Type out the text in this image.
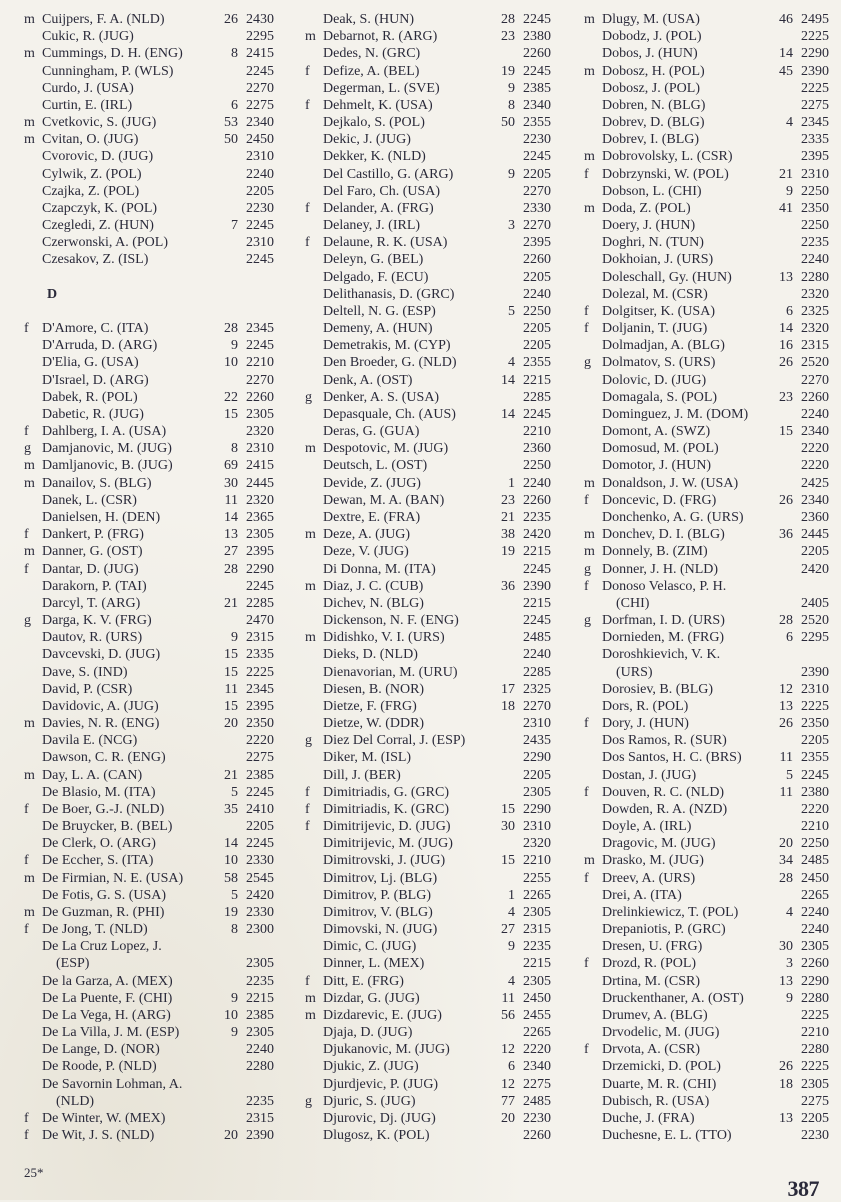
m Cuijpers, F. A. (NLD)	26 2430
Cukic, R. (JUG)	2295
m Cummings, D. H. (ENG)	8 2415
Cunningham, P. (WLS)	2245
Curdo, J. (USA)	2270
Curtin, E. (IRL)	6 2275
m Cvetkovic, S. (JUG)	53 2340
m Cvitan, O. (JUG)	50 2450
Cvorovic, D. (JUG)	2310
Cylwik, Z. (POL)	2240
Czajka, Z. (POL)	2205
Czapczyk, K. (POL)	2230
Czegledi, Z. (HUN)	7 2245
Czerwonski, A. (POL)	2310
Czesakov, Z. (ISL)	2245
D
f D'Amore, C. (ITA)	28 2345
D'Arruda, D. (ARG)	9 2245
D'Elia, G. (USA)	10 2210
D'Israel, D. (ARG)	2270
Dabek, R. (POL)	22 2260
Dabetic, R. (JUG)	15 2305
f Dahlberg, I. A. (USA)	2320
g Damjanovic, M. (JUG)	8 2310
m Damljanovic, B. (JUG)	69 2415
m Danailov, S. (BLG)	30 2445
Danek, L. (CSR)	11 2320
Danielsen, H. (DEN)	14 2365
f Dankert, P. (FRG)	13 2305
m Danner, G. (OST)	27 2395
f Dantar, D. (JUG)	28 2290
Darakorn, P. (TAI)	2245
Darcyl, T. (ARG)	21 2285
g Darga, K. V. (FRG)	2470
Dautov, R. (URS)	9 2315
Davcevski, D. (JUG)	15 2335
Dave, S. (IND)	15 2225
David, P. (CSR)	11 2345
Davidovic, A. (JUG)	15 2395
m Davies, N. R. (ENG)	20 2350
Davila E. (NCG)	2220
Dawson, C. R. (ENG)	2275
m Day, L. A. (CAN)	21 2385
De Blasio, M. (ITA)	5 2245
f De Boer, G.-J. (NLD)	35 2410
De Bruycker, B. (BEL)	2205
De Clerk, O. (ARG)	14 2245
f De Eccher, S. (ITA)	10 2330
m De Firmian, N. E. (USA)	58 2545
De Fotis, G. S. (USA)	5 2420
m De Guzman, R. (PHI)	19 2330
f De Jong, T. (NLD)	8 2300
De La Cruz Lopez, J.
(ESP)	2305
De la Garza, A. (MEX)	2235
De La Puente, F. (CHI)	9 2215
De La Vega, H. (ARG)	10 2385
De La Villa, J. M. (ESP)	9 2305
De Lange, D. (NOR)	2240
De Roode, P. (NLD)	2280
De Savornin Lohman, A.
(NLD)	2235
f De Winter, W. (MEX)	2315
f De Wit, J. S. (NLD)	20 2390
Deak, S. (HUN)	28 2245
m Debarnot, R. (ARG)	23 2380
Dedes, N. (GRC)	2260
f Defize, A. (BEL)	19 2245
Degerman, L. (SVE)	9 2385
f Dehmelt, K. (USA)	8 2340
Dejkalo, S. (POL)	50 2355
Dekic, J. (JUG)	2230
Dekker, K. (NLD)	2245
Del Castillo, G. (ARG)	9 2205
Del Faro, Ch. (USA)	2270
f Delander, A. (FRG)	2330
Delaney, J. (IRL)	3 2270
f Delaune, R. K. (USA)	2395
Deleyn, G. (BEL)	2260
Delgado, F. (ECU)	2205
Delithanasis, D. (GRC)	2240
Deltell, N. G. (ESP)	5 2250
Demeny, A. (HUN)	2205
Demetrakis, M. (CYP)	2205
Den Broeder, G. (NLD)	4 2355
Denk, A. (OST)	14 2215
g Denker, A. S. (USA)	2285
Depasquale, Ch. (AUS)	14 2245
Deras, G. (GUA)	2210
m Despotovic, M. (JUG)	2360
Deutsch, L. (OST)	2250
Devide, Z. (JUG)	1 2240
Dewan, M. A. (BAN)	23 2260
Dextre, E. (FRA)	21 2235
m Deze, A. (JUG)	38 2420
Deze, V. (JUG)	19 2215
Di Donna, M. (ITA)	2245
m Diaz, J. C. (CUB)	36 2390
Dichev, N. (BLG)	2215
Dickenson, N. F. (ENG)	2245
m Didishko, V. I. (URS)	2485
Dieks, D. (NLD)	2240
Dienavorian, M. (URU)	2285
Diesen, B. (NOR)	17 2325
Dietze, F. (FRG)	18 2270
Dietze, W. (DDR)	2310
g Diez Del Corral, J. (ESP)	2435
Diker, M. (ISL)	2290
Dill, J. (BER)	2205
f Dimitriadis, G. (GRC)	2305
f Dimitriadis, K. (GRC)	15 2290
f Dimitrijevic, D. (JUG)	30 2310
Dimitrijevic, M. (JUG)	2320
Dimitrovski, J. (JUG)	15 2210
Dimitrov, Lj. (BLG)	2255
Dimitrov, P. (BLG)	1 2265
Dimitrov, V. (BLG)	4 2305
Dimovski, N. (JUG)	27 2315
Dimic, C. (JUG)	9 2235
Dinner, L. (MEX)	2215
f Ditt, E. (FRG)	4 2305
m Dizdar, G. (JUG)	11 2450
m Dizdarevic, E. (JUG)	56 2455
Djaja, D. (JUG)	2265
Djukanovic, M. (JUG)	12 2220
Djukic, Z. (JUG)	6 2340
Djurdjevic, P. (JUG)	12 2275
g Djuric, S. (JUG)	77 2485
Djurovic, Dj. (JUG)	20 2230
Dlugosz, K. (POL)	2260
m Dlugy, M. (USA)	46 2495
Dobodz, J. (POL)	2225
Dobos, J. (HUN)	14 2290
m Dobosz, H. (POL)	45 2390
Dobosz, J. (POL)	2225
Dobren, N. (BLG)	2275
Dobrev, D. (BLG)	4 2345
Dobrev, I. (BLG)	2335
m Dobrovolsky, L. (CSR)	2395
f Dobrzynski, W. (POL)	21 2310
Dobson, L. (CHI)	9 2250
m Doda, Z. (POL)	41 2350
Doery, J. (HUN)	2250
Doghri, N. (TUN)	2235
Dokhoian, J. (URS)	2240
Doleschall, Gy. (HUN)	13 2280
Dolezal, M. (CSR)	2320
f Dolgitser, K. (USA)	6 2325
f Doljanin, T. (JUG)	14 2320
Dolmadjan, A. (BLG)	16 2315
g Dolmatov, S. (URS)	26 2520
Dolovic, D. (JUG)	2270
Domagala, S. (POL)	23 2260
Dominguez, J. M. (DOM)	2240
Domont, A. (SWZ)	15 2340
Domosud, M. (POL)	2220
Domotor, J. (HUN)	2220
m Donaldson, J. W. (USA)	2425
f Doncevic, D. (FRG)	26 2340
Donchenko, A. G. (URS)	2360
m Donchev, D. I. (BLG)	36 2445
m Donnely, B. (ZIM)	2205
g Donner, J. H. (NLD)	2420
f Donoso Velasco, P. H.
(CHI)	2405
g Dorfman, I. D. (URS)	28 2520
Dornieden, M. (FRG)	6 2295
Doroshkievich, V. K.
(URS)	2390
Dorosiev, B. (BLG)	12 2310
Dors, R. (POL)	13 2225
f Dory, J. (HUN)	26 2350
Dos Ramos, R. (SUR)	2205
Dos Santos, H. C. (BRS)	11 2355
Dostan, J. (JUG)	5 2245
f Douven, R. C. (NLD)	11 2380
Dowden, R. A. (NZD)	2220
Doyle, A. (IRL)	2210
Dragovic, M. (JUG)	20 2250
m Drasko, M. (JUG)	34 2485
f Dreev, A. (URS)	28 2450
Drei, A. (ITA)	2265
Drelinkiewicz, T. (POL)	4 2240
Drepaniotis, P. (GRC)	2240
Dresen, U. (FRG)	30 2305
f Drozd, R. (POL)	3 2260
Drtina, M. (CSR)	13 2290
Druckenthaner, A. (OST)	9 2280
Drumev, A. (BLG)	2225
Drvodelic, M. (JUG)	2210
f Drvota, A. (CSR)	2280
Drzemicki, D. (POL)	26 2225
Duarte, M. R. (CHI)	18 2305
Dubisch, R. (USA)	2275
Duche, J. (FRA)	13 2205
Duchesne, E. L. (TTO)	2230
25*
387
